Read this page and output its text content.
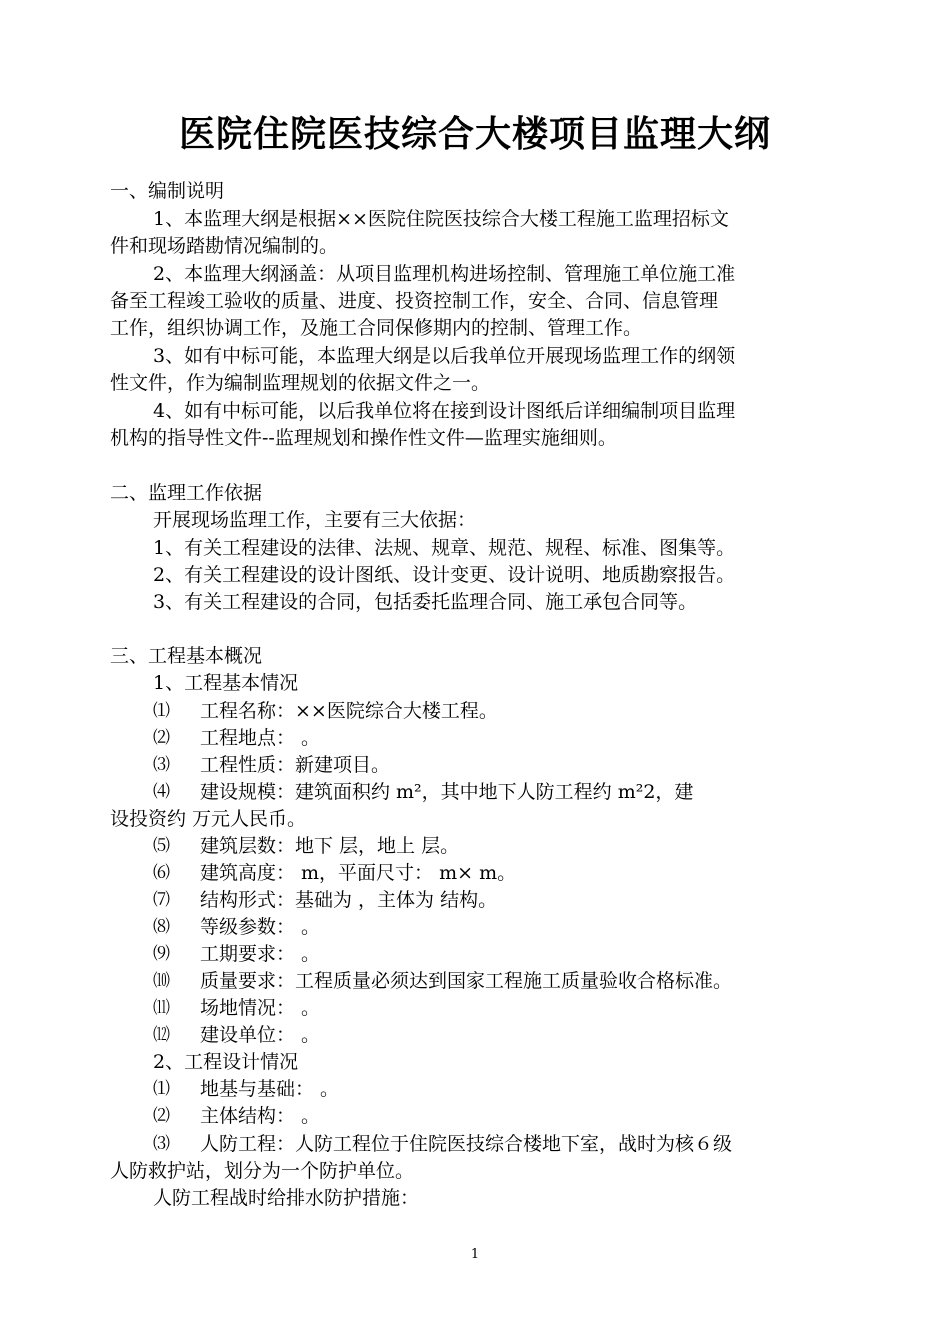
医院住院医技综合大楼项目监理大纲
一、编制说明
1、本监理大纲是根据××医院住院医技综合大楼工程施工监理招标文
件和现场踏勘情况编制的。
2、本监理大纲涵盖：从项目监理机构进场控制、管理施工单位施工准
备至工程竣工验收的质量、进度、投资控制工作，安全、合同、信息管理
工作，组织协调工作，及施工合同保修期内的控制、管理工作。
3、如有中标可能，本监理大纲是以后我单位开展现场监理工作的纲领
性文件，作为编制监理规划的依据文件之一。
4、如有中标可能，以后我单位将在接到设计图纸后详细编制项目监理
机构的指导性文件--监理规划和操作性文件—监理实施细则。
二、监理工作依据
开展现场监理工作，主要有三大依据：
1、有关工程建设的法律、法规、规章、规范、规程、标准、图集等。
2、有关工程建设的设计图纸、设计变更、设计说明、地质勘察报告。
3、有关工程建设的合同，包括委托监理合同、施工承包合同等。
三、工程基本概况
1、工程基本情况
⑴ 工程名称：××医院综合大楼工程。
⑵ 工程地点： 。
⑶ 工程性质：新建项目。
⑷ 建设规模：建筑面积约 m²，其中地下人防工程约 m²2，建
设投资约 万元人民币。
⑸ 建筑层数：地下 层，地上 层。
⑹ 建筑高度： m，平面尺寸： m× m。
⑺ 结构形式：基础为 ，主体为 结构。
⑻ 等级参数： 。
⑼ 工期要求： 。
⑽ 质量要求：工程质量必须达到国家工程施工质量验收合格标准。
⑾ 场地情况： 。
⑿ 建设单位： 。
2、工程设计情况
⑴ 地基与基础： 。
⑵ 主体结构： 。
⑶ 人防工程：人防工程位于住院医技综合楼地下室，战时为核６级
人防救护站，划分为一个防护单位。
人防工程战时给排水防护措施：
1
